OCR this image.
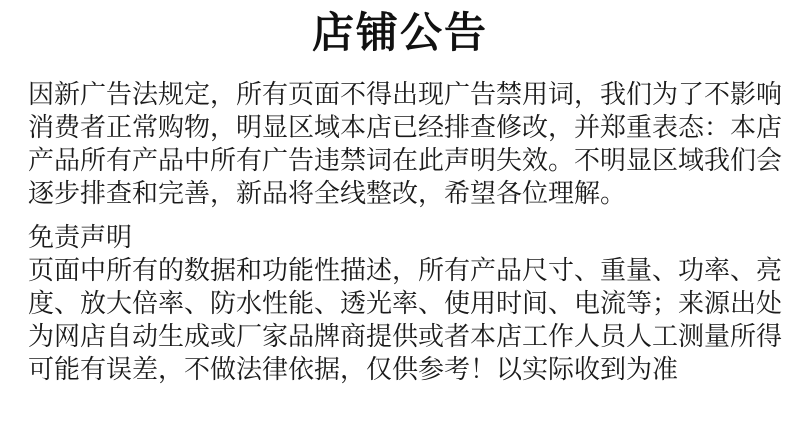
店铺公告
因新广告法规定，所有页面不得出现广告禁用词，我们为了不影响
消费者正常购物，明显区域本店已经排查修改，并郑重表态：本店
产品所有产品中所有广告违禁词在此声明失效。不明显区域我们会
逐步排查和完善，新品将全线整改，希望各位理解。
免责声明
页面中所有的数据和功能性描述，所有产品尺寸、重量、功率、亮
度、放大倍率、防水性能、透光率、使用时间、电流等；来源出处
为网店自动生成或厂家品牌商提供或者本店工作人员人工测量所得
可能有误差，不做法律依据，仅供参考！以实际收到为准
